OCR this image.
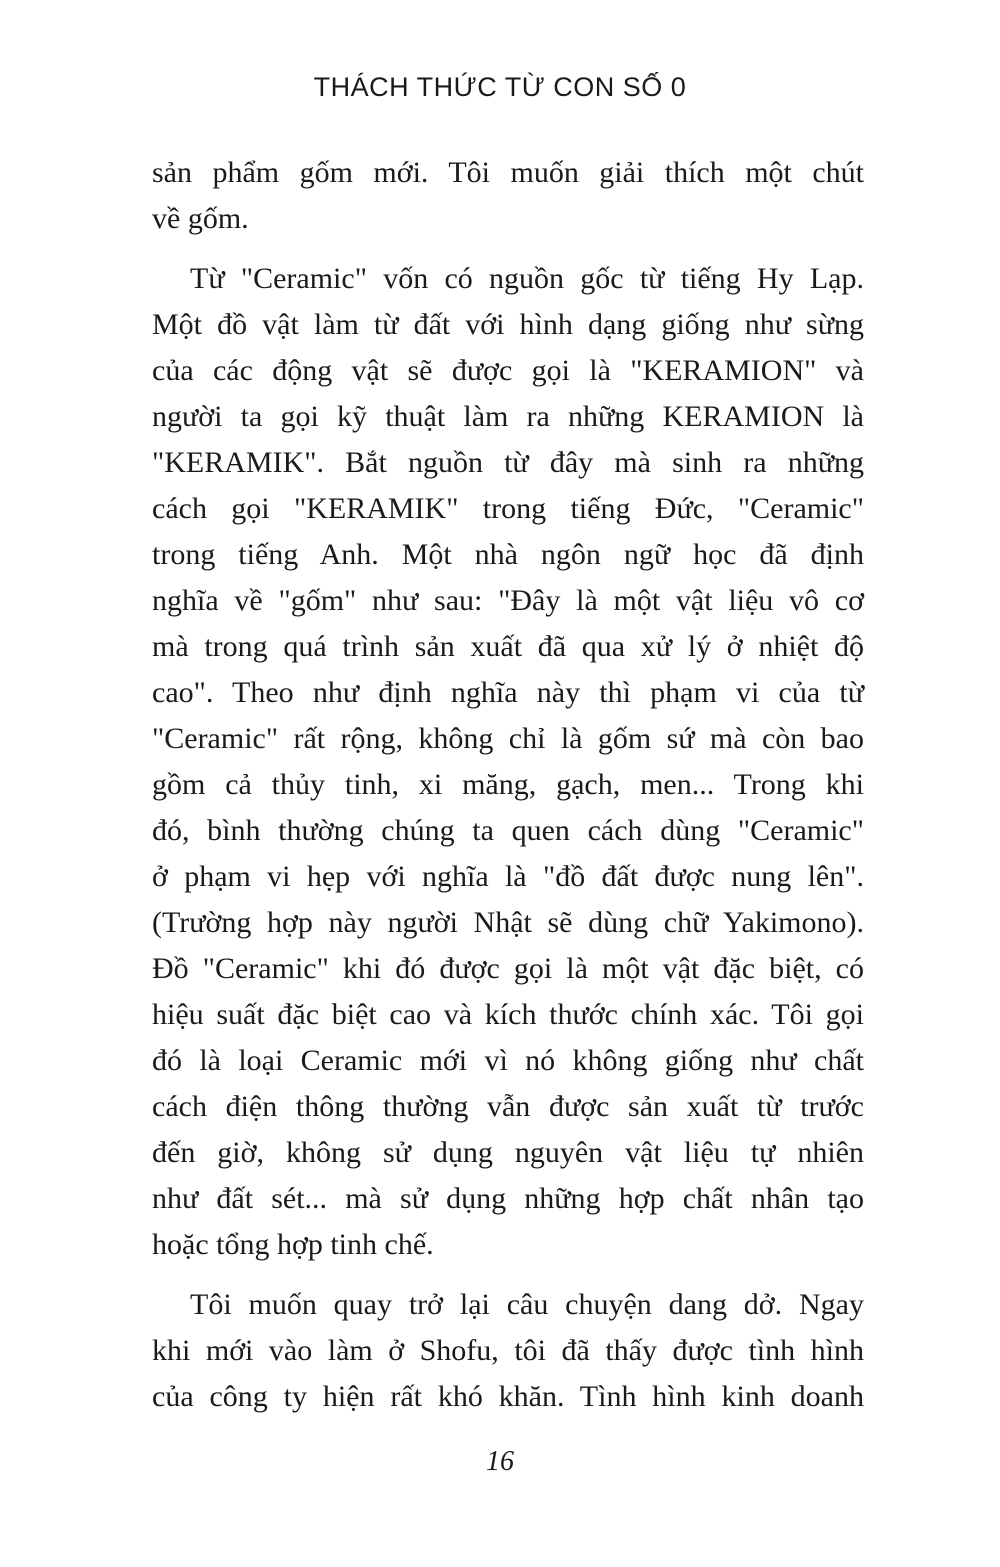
THÁCH THỨC TỪ CON SỐ 0
sản phẩm gốm mới. Tôi muốn giải thích một chút
về gốm.
Từ "Ceramic" vốn có nguồn gốc từ tiếng Hy Lạp.
Một đồ vật làm từ đất với hình dạng giống như sừng
của các động vật sẽ được gọi là "KERAMION" và
người ta gọi kỹ thuật làm ra những KERAMION là
"KERAMIK". Bắt nguồn từ đây mà sinh ra những
cách gọi "KERAMIK" trong tiếng Đức, "Ceramic"
trong tiếng Anh. Một nhà ngôn ngữ học đã định
nghĩa về "gốm" như sau: "Đây là một vật liệu vô cơ
mà trong quá trình sản xuất đã qua xử lý ở nhiệt độ
cao". Theo như định nghĩa này thì phạm vi của từ
"Ceramic" rất rộng, không chỉ là gốm sứ mà còn bao
gồm cả thủy tinh, xi măng, gạch, men... Trong khi
đó, bình thường chúng ta quen cách dùng "Ceramic"
ở phạm vi hẹp với nghĩa là "đồ đất được nung lên".
(Trường hợp này người Nhật sẽ dùng chữ Yakimono).
Đồ "Ceramic" khi đó được gọi là một vật đặc biệt, có
hiệu suất đặc biệt cao và kích thước chính xác. Tôi gọi
đó là loại Ceramic mới vì nó không giống như chất
cách điện thông thường vẫn được sản xuất từ trước
đến giờ, không sử dụng nguyên vật liệu tự nhiên
như đất sét... mà sử dụng những hợp chất nhân tạo
hoặc tổng hợp tinh chế.
Tôi muốn quay trở lại câu chuyện dang dở. Ngay
khi mới vào làm ở Shofu, tôi đã thấy được tình hình
của công ty hiện rất khó khăn. Tình hình kinh doanh
16
